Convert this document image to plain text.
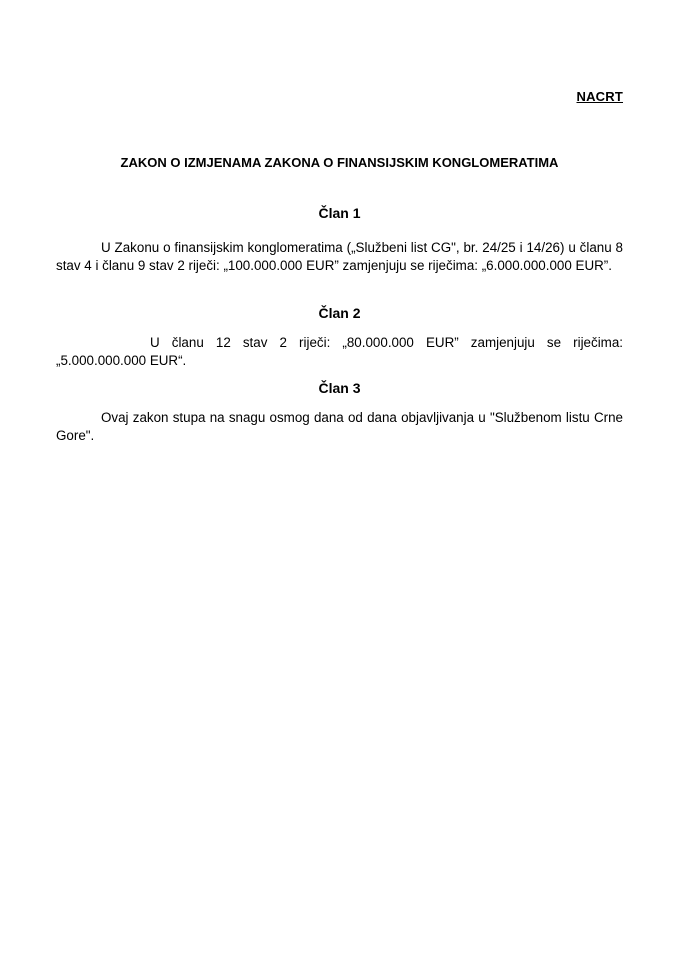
NACRT
ZAKON O IZMJENAMA ZAKONA O FINANSIJSKIM KONGLOMERATIMA
Član 1
U Zakonu o finansijskim konglomeratima („Službeni list CG", br. 24/25 i 14/26) u članu 8 stav 4 i članu 9 stav 2 riječi: „100.000.000 EUR” zamjenjuju se riječima: „6.000.000.000 EUR”.
Član 2
U članu 12 stav 2 riječi: „80.000.000 EUR” zamjenjuju se riječima: „5.000.000.000 EUR“.
Član 3
Ovaj zakon stupa na snagu osmog dana od dana objavljivanja u "Službenom listu Crne Gore".
